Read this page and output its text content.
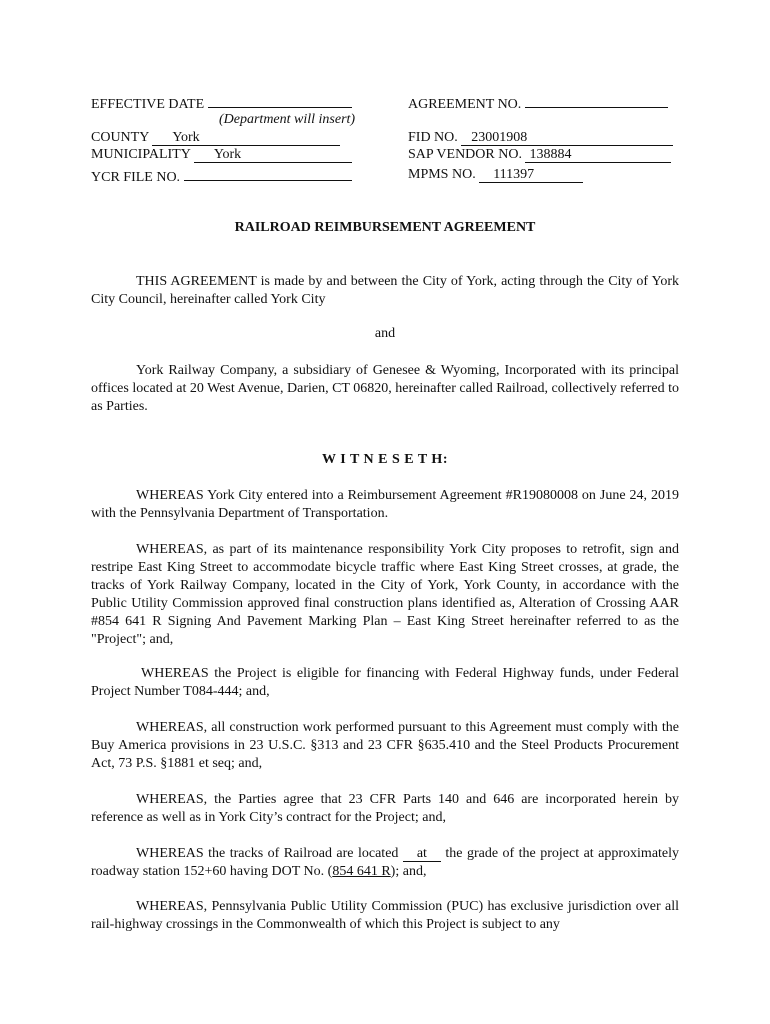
EFFECTIVE DATE
(Department will insert)
COUNTY York
MUNICIPALITY York
YCR FILE NO.
AGREEMENT NO.
FID NO. 23001908
SAP VENDOR NO. 138884
MPMS NO. 111397
RAILROAD REIMBURSEMENT AGREEMENT
THIS AGREEMENT is made by and between the City of York, acting through the City of York City Council, hereinafter called York City
and
York Railway Company, a subsidiary of Genesee & Wyoming, Incorporated with its principal offices located at 20 West Avenue, Darien, CT 06820, hereinafter called Railroad, collectively referred to as Parties.
W I T N E S E T H:
WHEREAS York City entered into a Reimbursement Agreement #R19080008 on June 24, 2019 with the Pennsylvania Department of Transportation.
WHEREAS, as part of its maintenance responsibility York City proposes to retrofit, sign and restripe East King Street to accommodate bicycle traffic where East King Street crosses, at grade, the tracks of York Railway Company, located in the City of York, York County, in accordance with the Public Utility Commission approved final construction plans identified as, Alteration of Crossing AAR #854 641 R Signing And Pavement Marking Plan – East King Street hereinafter referred to as the "Project"; and,
WHEREAS the Project is eligible for financing with Federal Highway funds, under Federal Project Number T084-444; and,
WHEREAS, all construction work performed pursuant to this Agreement must comply with the Buy America provisions in 23 U.S.C. §313 and 23 CFR §635.410 and the Steel Products Procurement Act, 73 P.S. §1881 et seq; and,
WHEREAS, the Parties agree that 23 CFR Parts 140 and 646 are incorporated herein by reference as well as in York City’s contract for the Project; and,
WHEREAS the tracks of Railroad are located at the grade of the project at approximately roadway station 152+60 having DOT No. (854 641 R); and,
WHEREAS, Pennsylvania Public Utility Commission (PUC) has exclusive jurisdiction over all rail-highway crossings in the Commonwealth of which this Project is subject to any
